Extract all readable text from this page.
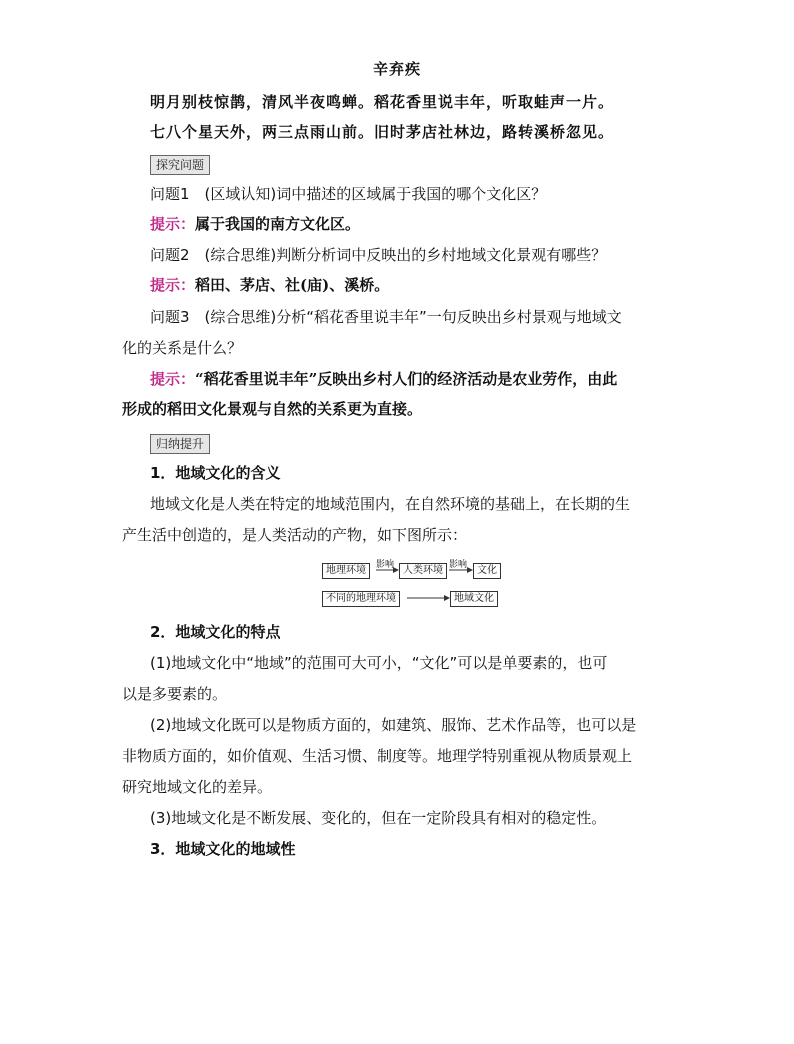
辛弃疾
明月别枝惊鹊，清风半夜鸣蝉。稻花香里说丰年，听取蛙声一片。
七八个星天外，两三点雨山前。旧时茅店社林边，路转溪桥忽见。
探究问题
问题1　(区域认知)词中描述的区域属于我国的哪个文化区？
提示：属于我国的南方文化区。
问题2　(综合思维)判断分析词中反映出的乡村地域文化景观有哪些？
提示：稻田、茅店、社(庙)、溪桥。
问题3　(综合思维)分析“稻花香里说丰年”一句反映出乡村景观与地域文
化的关系是什么？
提示：“稻花香里说丰年”反映出乡村人们的经济活动是农业劳作，由此
形成的稻田文化景观与自然的关系更为直接。
归纳提升
1．地域文化的含义
地域文化是人类在特定的地域范围内，在自然环境的基础上，在长期的生
产生活中创造的，是人类活动的产物，如下图所示：
地理环境	影响 人类环境 影响 文化
不同的地理环境	地域文化
2．地域文化的特点
(1)地域文化中“地域”的范围可大可小，“文化”可以是单要素的，也可
以是多要素的。
(2)地域文化既可以是物质方面的，如建筑、服饰、艺术作品等，也可以是
非物质方面的，如价值观、生活习惯、制度等。地理学特别重视从物质景观上
研究地域文化的差异。
(3)地域文化是不断发展、变化的，但在一定阶段具有相对的稳定性。
3．地域文化的地域性
